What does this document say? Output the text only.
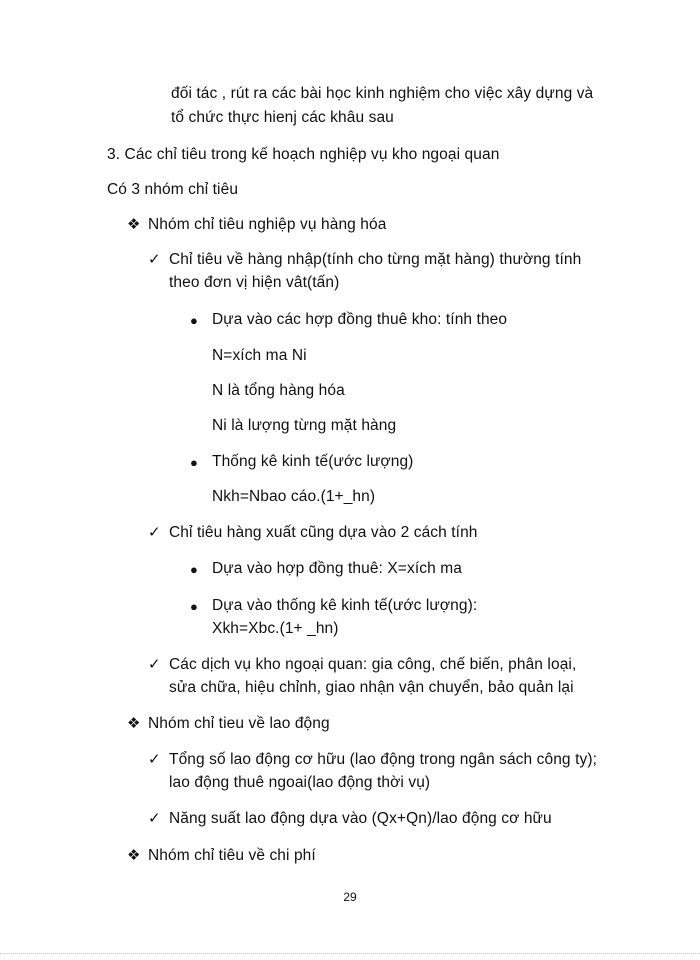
đối tác , rút ra các bài học kinh nghiệm cho việc xây dựng và
tổ chức thực hienj các khâu sau
3. Các chỉ tiêu trong kế hoạch nghiệp vụ kho ngoại quan
Có 3 nhóm chỉ tiêu
❖ Nhóm chỉ tiêu nghiệp vụ hàng hóa
✓ Chỉ tiêu về hàng nhập(tính cho từng mặt hàng) thường tính
theo đơn vị hiện vât(tấn)
● Dựa vào các hợp đồng thuê kho: tính theo
N=xích ma Ni
N là tổng hàng hóa
Ni là lượng từng mặt hàng
● Thống kê kinh tế(ước lượng)
Nkh=Nbao cáo.(1+_hn)
✓ Chỉ tiêu hàng xuất cũng dựa vào 2 cách tính
● Dựa vào hợp đồng thuê: X=xích ma
● Dựa vào thống kê kinh tế(ước lượng):
Xkh=Xbc.(1+ _hn)
✓ Các dịch vụ kho ngoại quan: gia công, chế biến, phân loại,
sửa chữa, hiệu chỉnh, giao nhận vận chuyển, bảo quản lại
❖ Nhóm chỉ tieu về lao động
✓ Tổng số lao động cơ hữu (lao động trong ngân sách công ty);
lao động thuê ngoai(lao động thời vụ)
✓ Năng suất lao động dựa vào (Qx+Qn)/lao động cơ hữu
❖ Nhóm chỉ tiêu về chi phí
29
